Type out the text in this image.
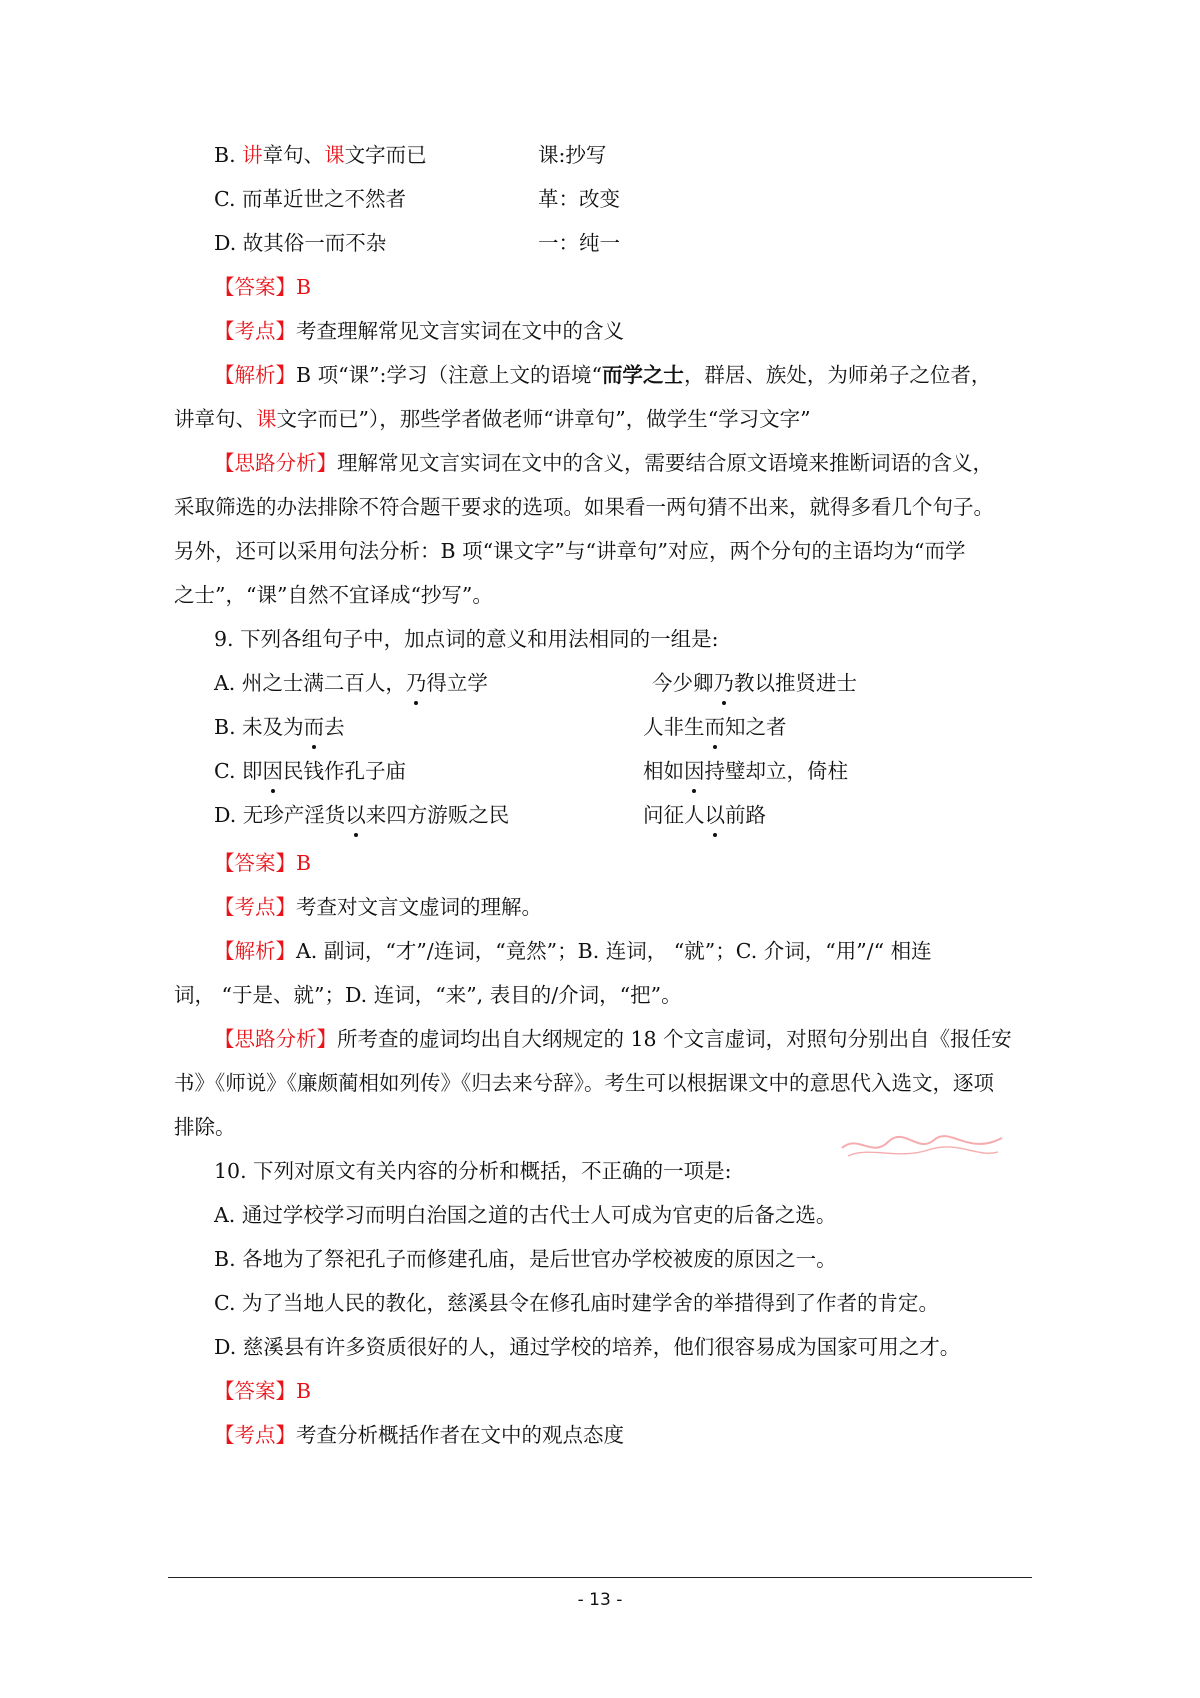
B. 讲章句、课文字而已	课:抄写
C. 而革近世之不然者	革：改变
D. 故其俗一而不杂	一：纯一
【答案】B
【考点】考查理解常见文言实词在文中的含义
【解析】B 项“课”:学习（注意上文的语境“而学之士，群居、族处，为师弟子之位者，
讲章句、课文字而已”），那些学者做老师“讲章句”，做学生“学习文字”
【思路分析】理解常见文言实词在文中的含义，需要结合原文语境来推断词语的含义，
采取筛选的办法排除不符合题干要求的选项。如果看一两句猜不出来，就得多看几个句子。
另外，还可以采用句法分析：B 项“课文字”与“讲章句”对应，两个分句的主语均为“而学
之士”，“课”自然不宜译成“抄写”。
9. 下列各组句子中，加点词的意义和用法相同的一组是:
A. 州之士满二百人，乃得立学	今少卿乃教以推贤进士
B. 未及为而去	人非生而知之者
C. 即因民钱作孔子庙	相如因持璧却立，倚柱
D. 无珍产淫货以来四方游贩之民	问征人以前路
【答案】B
【考点】考查对文言文虚词的理解。
【解析】A. 副词，“才”/连词，“竟然”；B. 连词， “就”；C. 介词，“用”/“ 相连
词， “于是、就”；D. 连词，“来”, 表目的/介词，“把”。
【思路分析】所考查的虚词均出自大纲规定的 18 个文言虚词，对照句分别出自《报任安
书》《师说》《廉颇蔺相如列传》《归去来兮辞》。考生可以根据课文中的意思代入选文，逐项
排除。
10. 下列对原文有关内容的分析和概括，不正确的一项是:
A. 通过学校学习而明白治国之道的古代士人可成为官吏的后备之选。
B. 各地为了祭祀孔子而修建孔庙，是后世官办学校被废的原因之一。
C. 为了当地人民的教化，慈溪县令在修孔庙时建学舍的举措得到了作者的肯定。
D. 慈溪县有许多资质很好的人，通过学校的培养，他们很容易成为国家可用之才。
【答案】B
【考点】考查分析概括作者在文中的观点态度
- 13 -
